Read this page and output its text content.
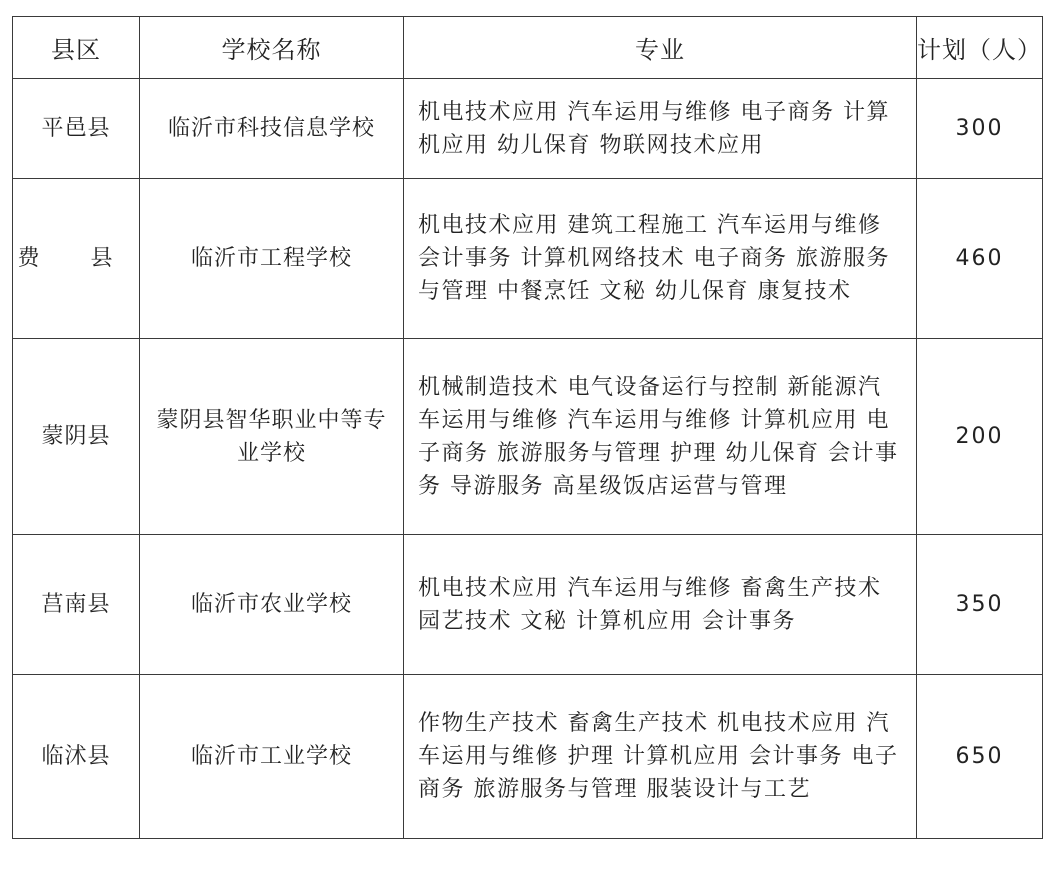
县区	学校名称	专业	计划（人）
平邑县	临沂市科技信息学校	机电技术应用 汽车运用与维修 电子商务 计算机应用 幼儿保育 物联网技术应用	300
费 县	临沂市工程学校	机电技术应用 建筑工程施工 汽车运用与维修 会计事务 计算机网络技术 电子商务 旅游服务与管理 中餐烹饪 文秘 幼儿保育 康复技术	460
蒙阴县	蒙阴县智华职业中等专业学校	机械制造技术 电气设备运行与控制 新能源汽车运用与维修 汽车运用与维修 计算机应用 电子商务 旅游服务与管理 护理 幼儿保育 会计事务 导游服务 高星级饭店运营与管理	200
莒南县	临沂市农业学校	机电技术应用 汽车运用与维修 畜禽生产技术 园艺技术 文秘 计算机应用 会计事务	350
临沭县	临沂市工业学校	作物生产技术 畜禽生产技术 机电技术应用 汽车运用与维修 护理 计算机应用 会计事务 电子商务 旅游服务与管理 服装设计与工艺	650
